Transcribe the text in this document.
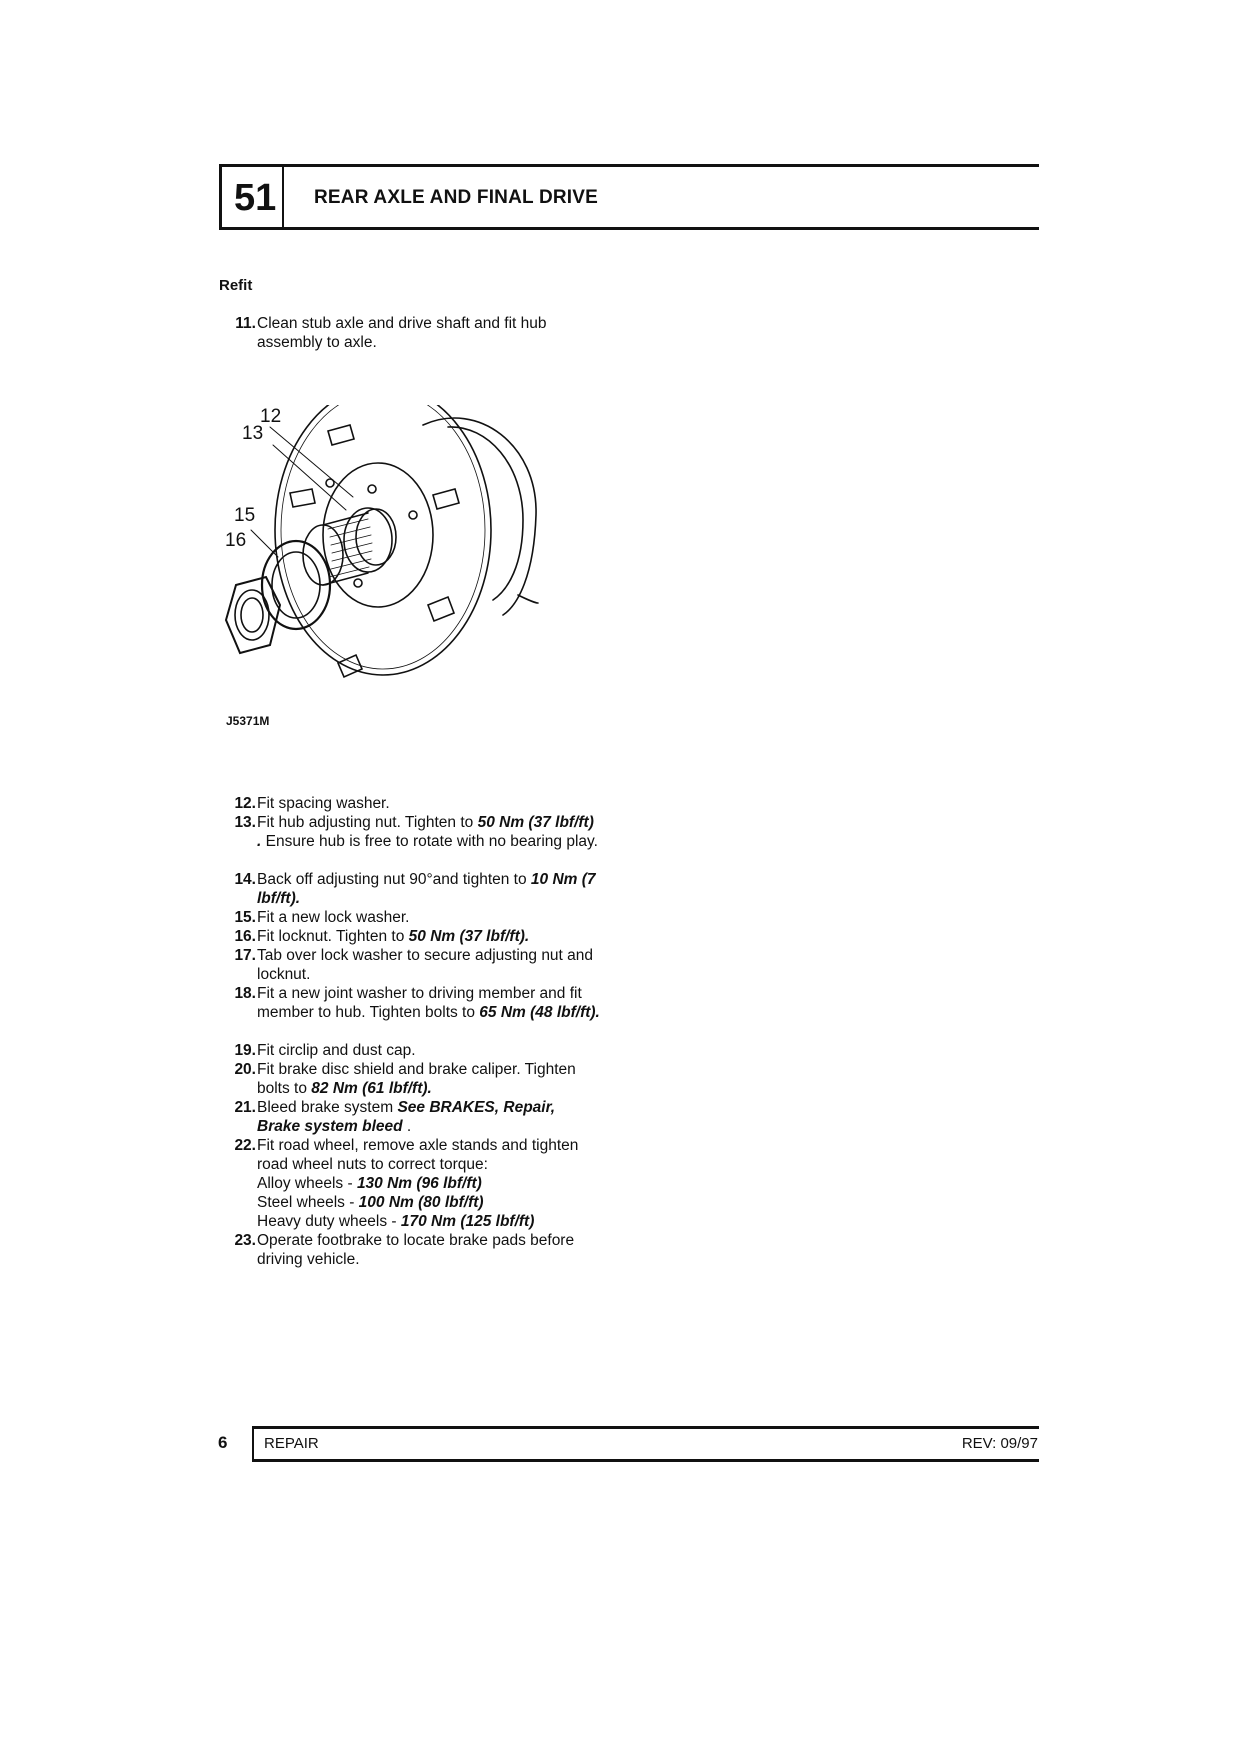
51 REAR AXLE AND FINAL DRIVE
Refit
11. Clean stub axle and drive shaft and fit hub assembly to axle.
12
13
15
16
J5371M
12. Fit spacing washer.
13. Fit hub adjusting nut. Tighten to 50 Nm (37 lbf/ft) . Ensure hub is free to rotate with no bearing play.
14. Back off adjusting nut 90°and tighten to 10 Nm (7 lbf/ft).
15. Fit a new lock washer.
16. Fit locknut. Tighten to 50 Nm (37 lbf/ft).
17. Tab over lock washer to secure adjusting nut and locknut.
18. Fit a new joint washer to driving member and fit member to hub. Tighten bolts to 65 Nm (48 lbf/ft).
19. Fit circlip and dust cap.
20. Fit brake disc shield and brake caliper. Tighten bolts to 82 Nm (61 lbf/ft).
21. Bleed brake system See BRAKES, Repair, Brake system bleed .
22. Fit road wheel, remove axle stands and tighten road wheel nuts to correct torque:
Alloy wheels - 130 Nm (96 lbf/ft)
Steel wheels - 100 Nm (80 lbf/ft)
Heavy duty wheels - 170 Nm (125 lbf/ft)
23. Operate footbrake to locate brake pads before driving vehicle.
6 REPAIR	REV: 09/97
